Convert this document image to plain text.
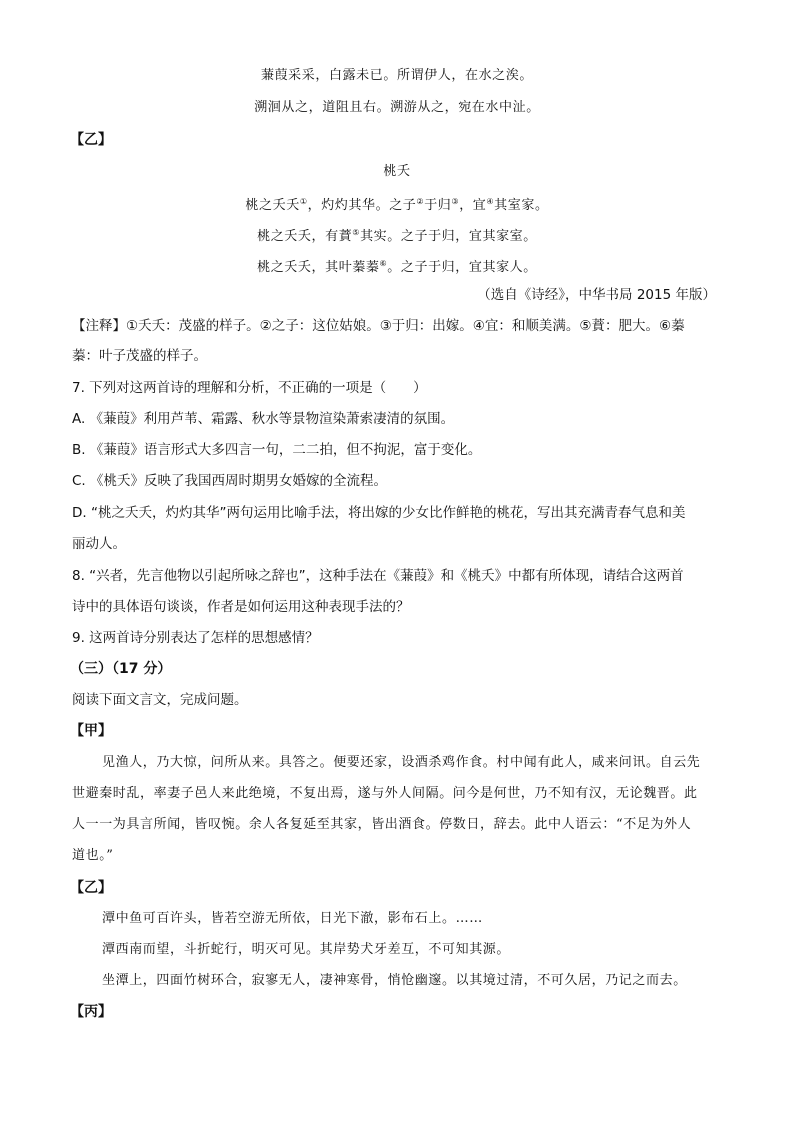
蒹葭采采，白露未已。所谓伊人，在水之涘。
溯洄从之，道阻且右。溯游从之，宛在水中沚。
【乙】
桃夭
桃之夭夭①，灼灼其华。之子②于归③，宜④其室家。
桃之夭夭，有蕡⑤其实。之子于归，宜其家室。
桃之夭夭，其叶蓁蓁⑥。之子于归，宜其家人。
（选自《诗经》，中华书局 2015 年版）
【注释】①夭夭：茂盛的样子。②之子：这位姑娘。③于归：出嫁。④宜：和顺美满。⑤蕡：肥大。⑥蓁
蓁：叶子茂盛的样子。
7. 下列对这两首诗的理解和分析，不正确的一项是（　　）
A. 《蒹葭》利用芦苇、霜露、秋水等景物渲染萧索凄清的氛围。
B. 《蒹葭》语言形式大多四言一句，二二拍，但不拘泥，富于变化。
C. 《桃夭》反映了我国西周时期男女婚嫁的全流程。
D. “桃之夭夭，灼灼其华”两句运用比喻手法，将出嫁的少女比作鲜艳的桃花，写出其充满青春气息和美
丽动人。
8. “兴者，先言他物以引起所咏之辞也”，这种手法在《蒹葭》和《桃夭》中都有所体现，请结合这两首
诗中的具体语句谈谈，作者是如何运用这种表现手法的？
9. 这两首诗分别表达了怎样的思想感情？
（三）（17 分）
阅读下面文言文，完成问题。
【甲】
见渔人，乃大惊，问所从来。具答之。便要还家，设酒杀鸡作食。村中闻有此人，咸来问讯。自云先
世避秦时乱，率妻子邑人来此绝境，不复出焉，遂与外人间隔。问今是何世，乃不知有汉，无论魏晋。此
人一一为具言所闻，皆叹惋。余人各复延至其家，皆出酒食。停数日，辞去。此中人语云：“不足为外人
道也。”
【乙】
潭中鱼可百许头，皆若空游无所依，日光下澈，影布石上。……
潭西南而望，斗折蛇行，明灭可见。其岸势犬牙差互，不可知其源。
坐潭上，四面竹树环合，寂寥无人，凄神寒骨，悄怆幽邃。以其境过清，不可久居，乃记之而去。
【丙】
